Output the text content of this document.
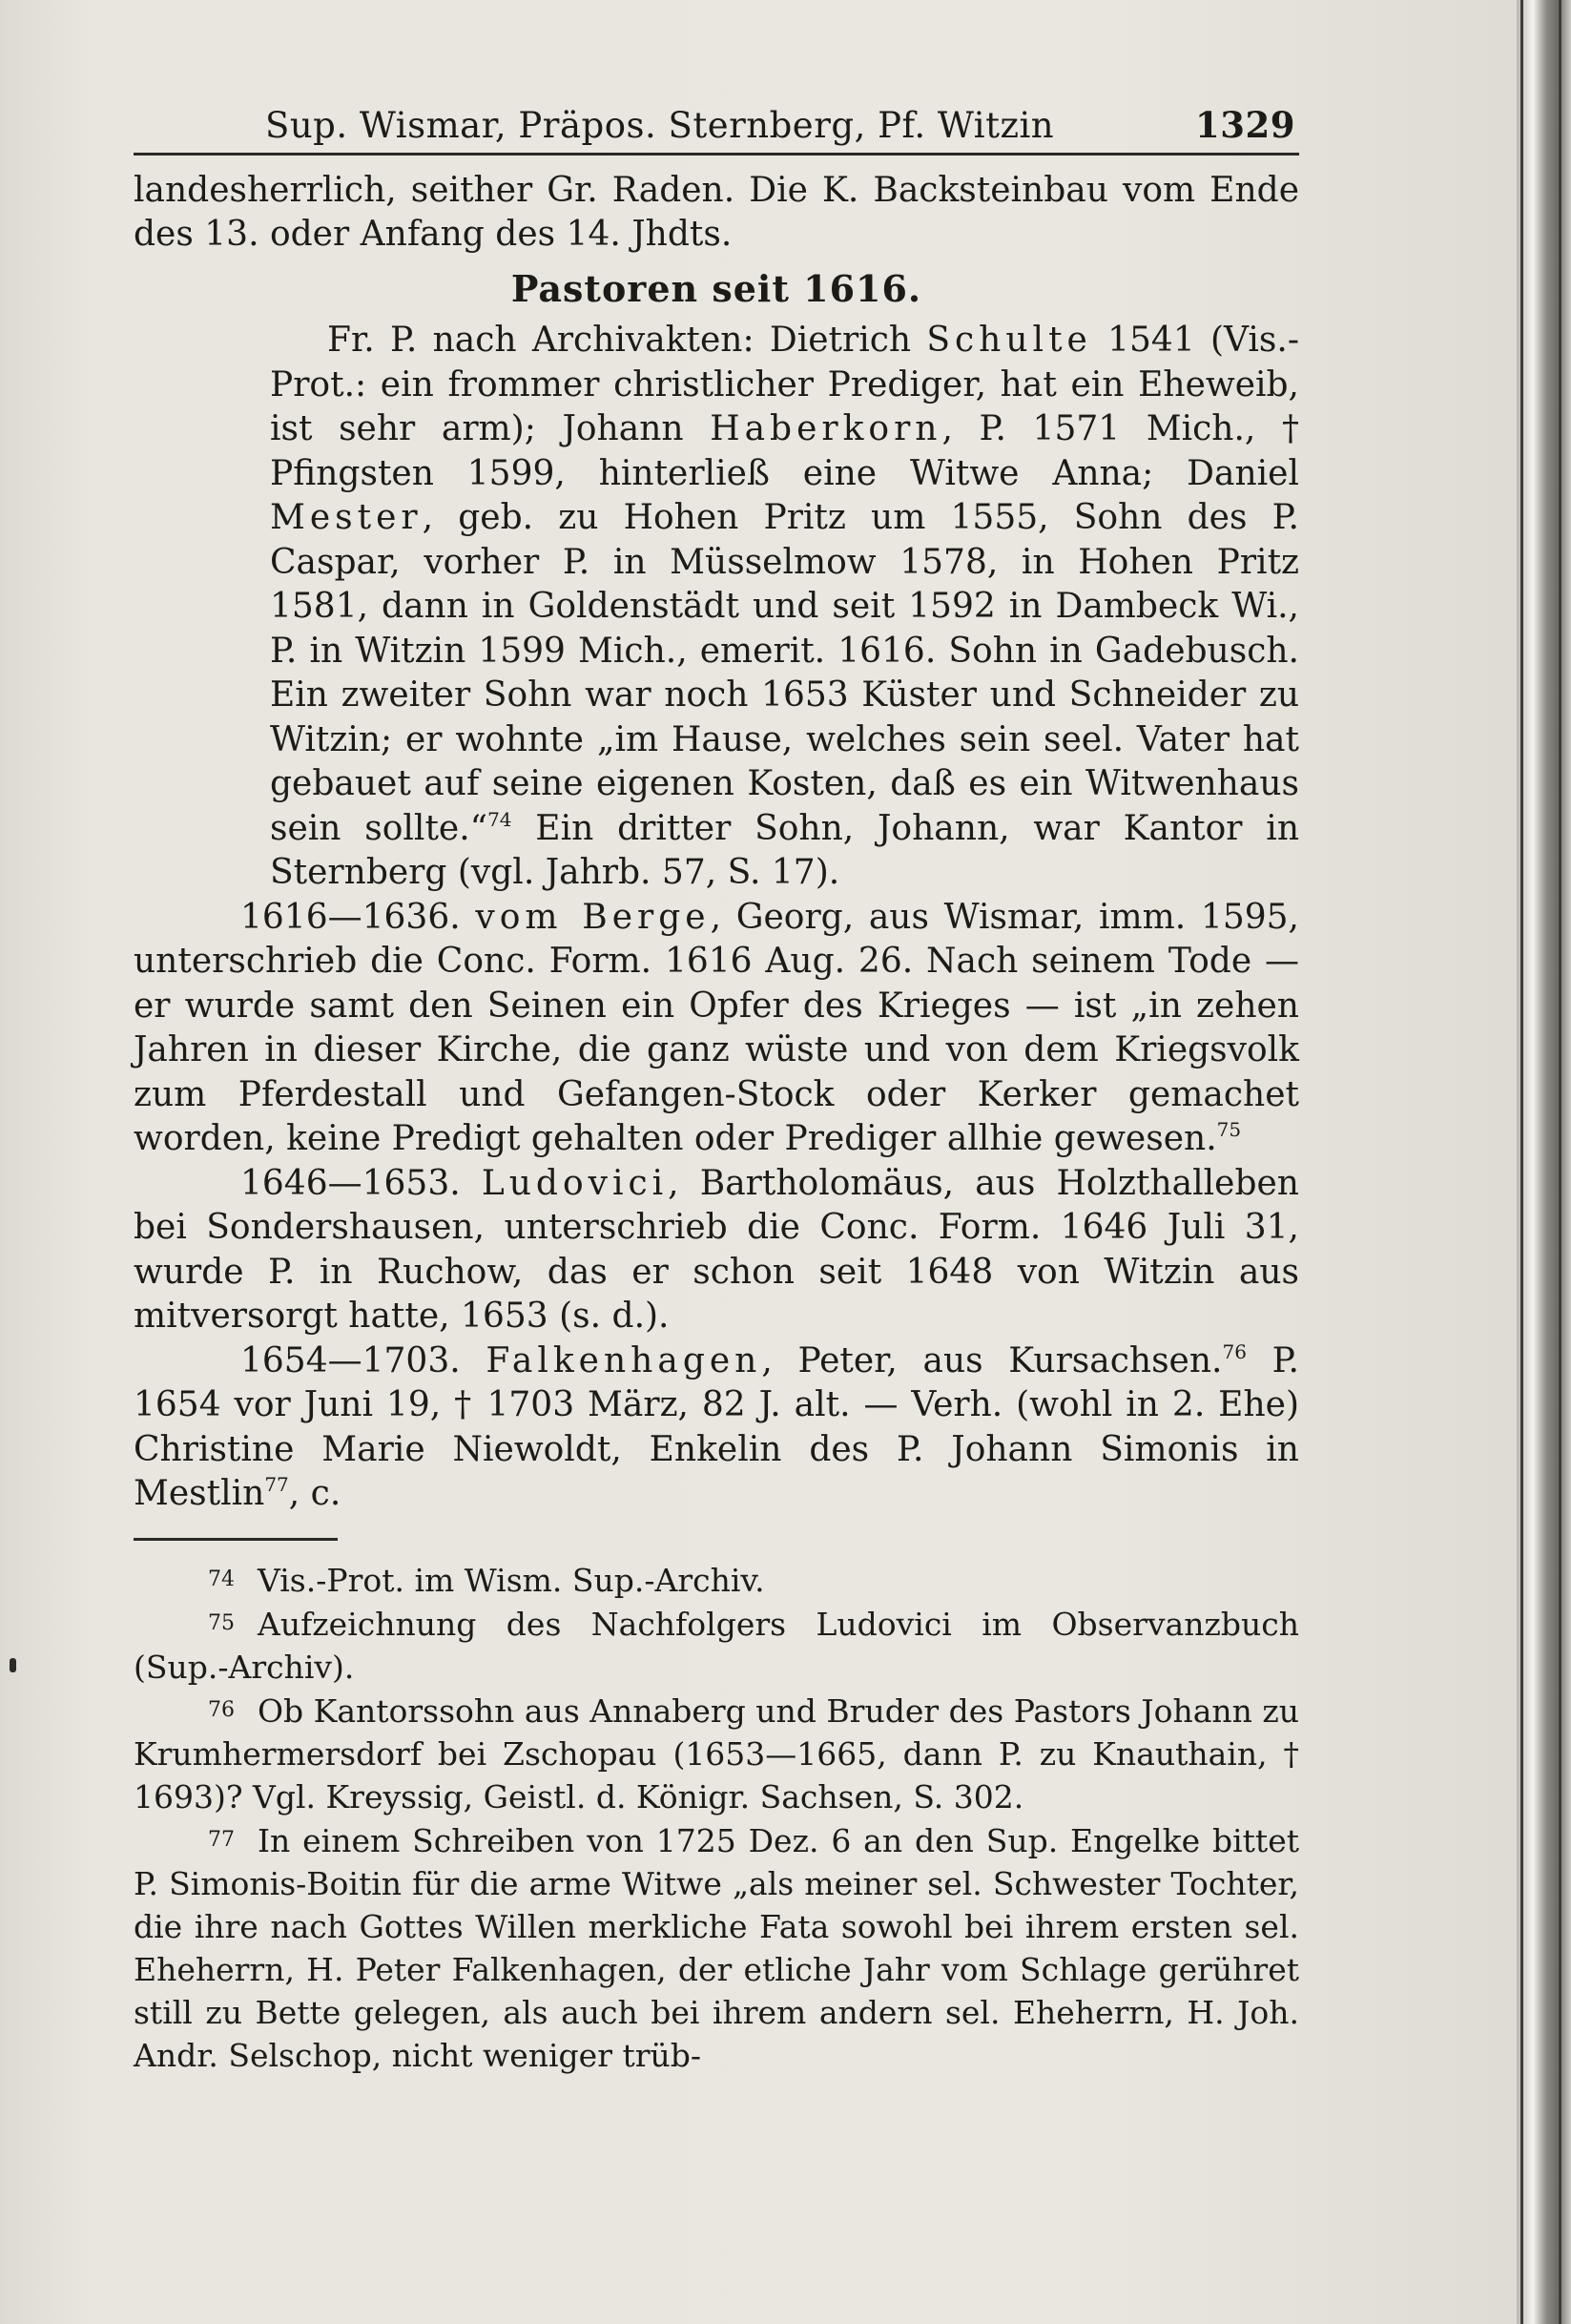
Sup. Wismar, Präpos. Sternberg, Pf. Witzin	1329

landesherrlich, seither Gr. Raden. Die K. Backsteinbau vom Ende des 13. oder Anfang des 14. Jhdts.

Pastoren seit 1616.

Fr. P. nach Archivakten: Dietrich Schulte 1541 (Vis.-Prot.: ein frommer christlicher Prediger, hat ein Eheweib, ist sehr arm); Johann Haberkorn, P. 1571 Mich., † Pfingsten 1599, hinterließ eine Witwe Anna; Daniel Mester, geb. zu Hohen Pritz um 1555, Sohn des P. Caspar, vorher P. in Müsselmow 1578, in Hohen Pritz 1581, dann in Goldenstädt und seit 1592 in Dambeck Wi., P. in Witzin 1599 Mich., emerit. 1616. Sohn in Gadebusch. Ein zweiter Sohn war noch 1653 Küster und Schneider zu Witzin; er wohnte „im Hause, welches sein seel. Vater hat gebauet auf seine eigenen Kosten, daß es ein Witwenhaus sein sollte.“$^{74}$ Ein dritter Sohn, Johann, war Kantor in Sternberg (vgl. Jahrb. 57, S. 17).

1616—1636. vom Berge, Georg, aus Wismar, imm. 1595, unterschrieb die Conc. Form. 1616 Aug. 26. Nach seinem Tode — er wurde samt den Seinen ein Opfer des Krieges — ist „in zehen Jahren in dieser Kirche, die ganz wüste und von dem Kriegsvolk zum Pferdestall und Gefangen-Stock oder Kerker gemachet worden, keine Predigt gehalten oder Prediger allhie gewesen.$^{75}$

1646—1653. Ludovici, Bartholomäus, aus Holzthalleben bei Sondershausen, unterschrieb die Conc. Form. 1646 Juli 31, wurde P. in Ruchow, das er schon seit 1648 von Witzin aus mitversorgt hatte, 1653 (s. d.).

1654—1703. Falkenhagen, Peter, aus Kursachsen.$^{76}$ P. 1654 vor Juni 19, † 1703 März, 82 J. alt. — Verh. (wohl in 2. Ehe) Christine Marie Niewoldt, Enkelin des P. Johann Simonis in Mestlin$^{77}$, c.

74 Vis.-Prot. im Wism. Sup.-Archiv.

75 Aufzeichnung des Nachfolgers Ludovici im Observanzbuch (Sup.-Archiv).

76 Ob Kantorssohn aus Annaberg und Bruder des Pastors Johann zu Krumhermersdorf bei Zschopau (1653—1665, dann P. zu Knauthain, † 1693)? Vgl. Kreyssig, Geistl. d. Königr. Sachsen, S. 302.

77 In einem Schreiben von 1725 Dez. 6 an den Sup. Engelke bittet P. Simonis-Boitin für die arme Witwe „als meiner sel. Schwester Tochter, die ihre nach Gottes Willen merkliche Fata sowohl bei ihrem ersten sel. Eheherrn, H. Peter Falkenhagen, der etliche Jahr vom Schlage gerühret still zu Bette gelegen, als auch bei ihrem andern sel. Eheherrn, H. Joh. Andr. Selschop, nicht weniger trüb-
